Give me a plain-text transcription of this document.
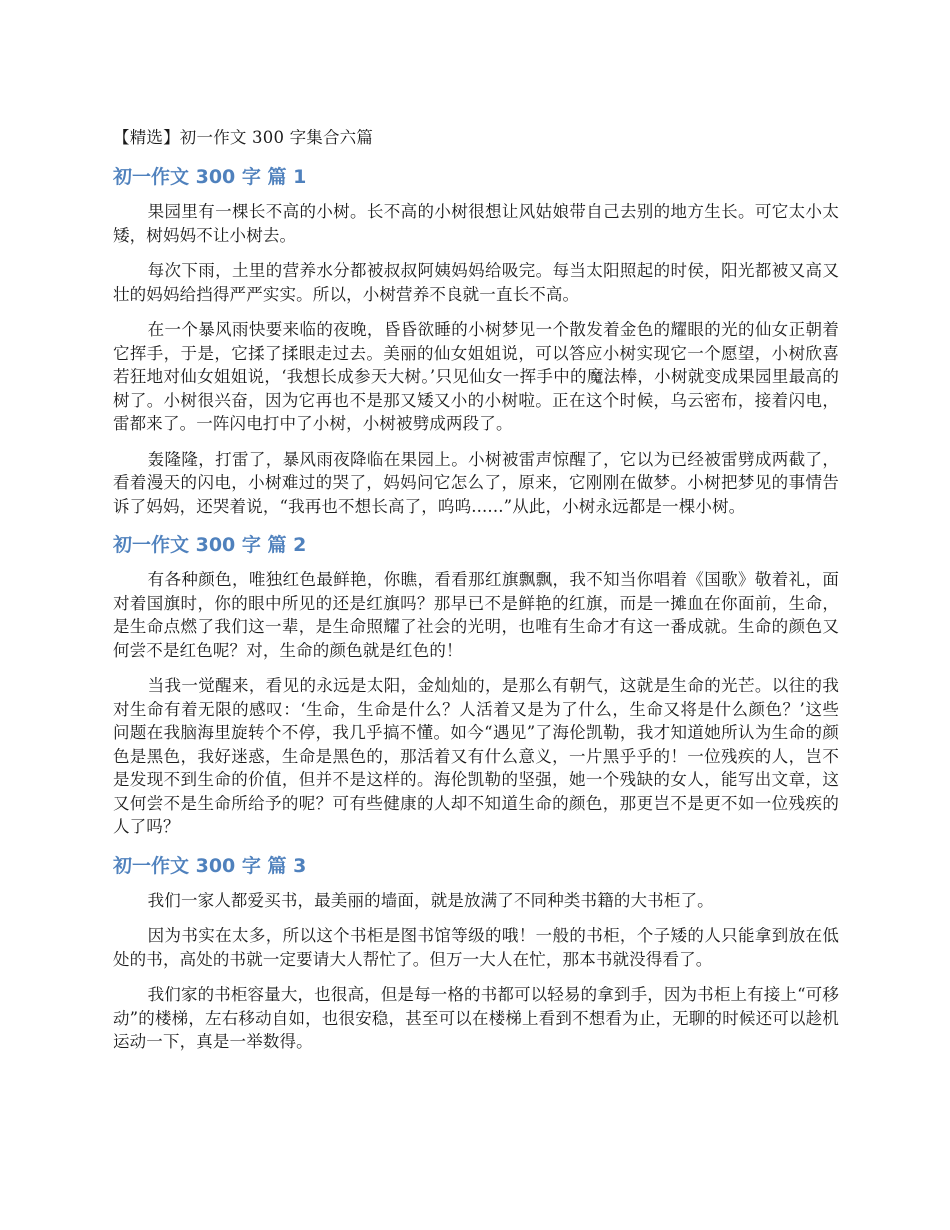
【精选】初一作文 300 字集合六篇
初一作文 300 字 篇 1

果园里有一棵长不高的小树。长不高的小树很想让风姑娘带自己去别的地方生长。可它太小太矮，树妈妈不让小树去。

每次下雨，土里的营养水分都被叔叔阿姨妈妈给吸完。每当太阳照起的时侯，阳光都被又高又壮的妈妈给挡得严严实实。所以，小树营养不良就一直长不高。

在一个暴风雨快要来临的夜晚，昏昏欲睡的小树梦见一个散发着金色的耀眼的光的仙女正朝着它挥手，于是，它揉了揉眼走过去。美丽的仙女姐姐说，可以答应小树实现它一个愿望，小树欣喜若狂地对仙女姐姐说，‘我想长成参天大树。’只见仙女一挥手中的魔法棒，小树就变成果园里最高的树了。小树很兴奋，因为它再也不是那又矮又小的小树啦。正在这个时候，乌云密布，接着闪电，雷都来了。一阵闪电打中了小树，小树被劈成两段了。

轰隆隆，打雷了，暴风雨夜降临在果园上。小树被雷声惊醒了，它以为已经被雷劈成两截了，看着漫天的闪电，小树难过的哭了，妈妈问它怎么了，原来，它刚刚在做梦。小树把梦见的事情告诉了妈妈，还哭着说，“我再也不想长高了，呜呜......”从此，小树永远都是一棵小树。

初一作文 300 字 篇 2

有各种颜色，唯独红色最鲜艳，你瞧，看看那红旗飘飘，我不知当你唱着《国歌》敬着礼，面对着国旗时，你的眼中所见的还是红旗吗？那早已不是鲜艳的红旗，而是一摊血在你面前，生命，是生命点燃了我们这一辈，是生命照耀了社会的光明，也唯有生命才有这一番成就。生命的颜色又何尝不是红色呢？对，生命的颜色就是红色的！

当我一觉醒来，看见的永远是太阳，金灿灿的，是那么有朝气，这就是生命的光芒。以往的我对生命有着无限的感叹：‘生命，生命是什么？人活着又是为了什么，生命又将是什么颜色？’这些问题在我脑海里旋转个不停，我几乎搞不懂。如今“遇见”了海伦凯勒，我才知道她所认为生命的颜色是黑色，我好迷惑，生命是黑色的，那活着又有什么意义，一片黑乎乎的！一位残疾的人，岂不是发现不到生命的价值，但并不是这样的。海伦凯勒的坚强，她一个残缺的女人，能写出文章，这又何尝不是生命所给予的呢？可有些健康的人却不知道生命的颜色，那更岂不是更不如一位残疾的人了吗？

初一作文 300 字 篇 3

我们一家人都爱买书，最美丽的墙面，就是放满了不同种类书籍的大书柜了。

因为书实在太多，所以这个书柜是图书馆等级的哦！一般的书柜，个子矮的人只能拿到放在低处的书，高处的书就一定要请大人帮忙了。但万一大人在忙，那本书就没得看了。

我们家的书柜容量大，也很高，但是每一格的书都可以轻易的拿到手，因为书柜上有接上“可移动”的楼梯，左右移动自如，也很安稳，甚至可以在楼梯上看到不想看为止，无聊的时候还可以趁机运动一下，真是一举数得。
